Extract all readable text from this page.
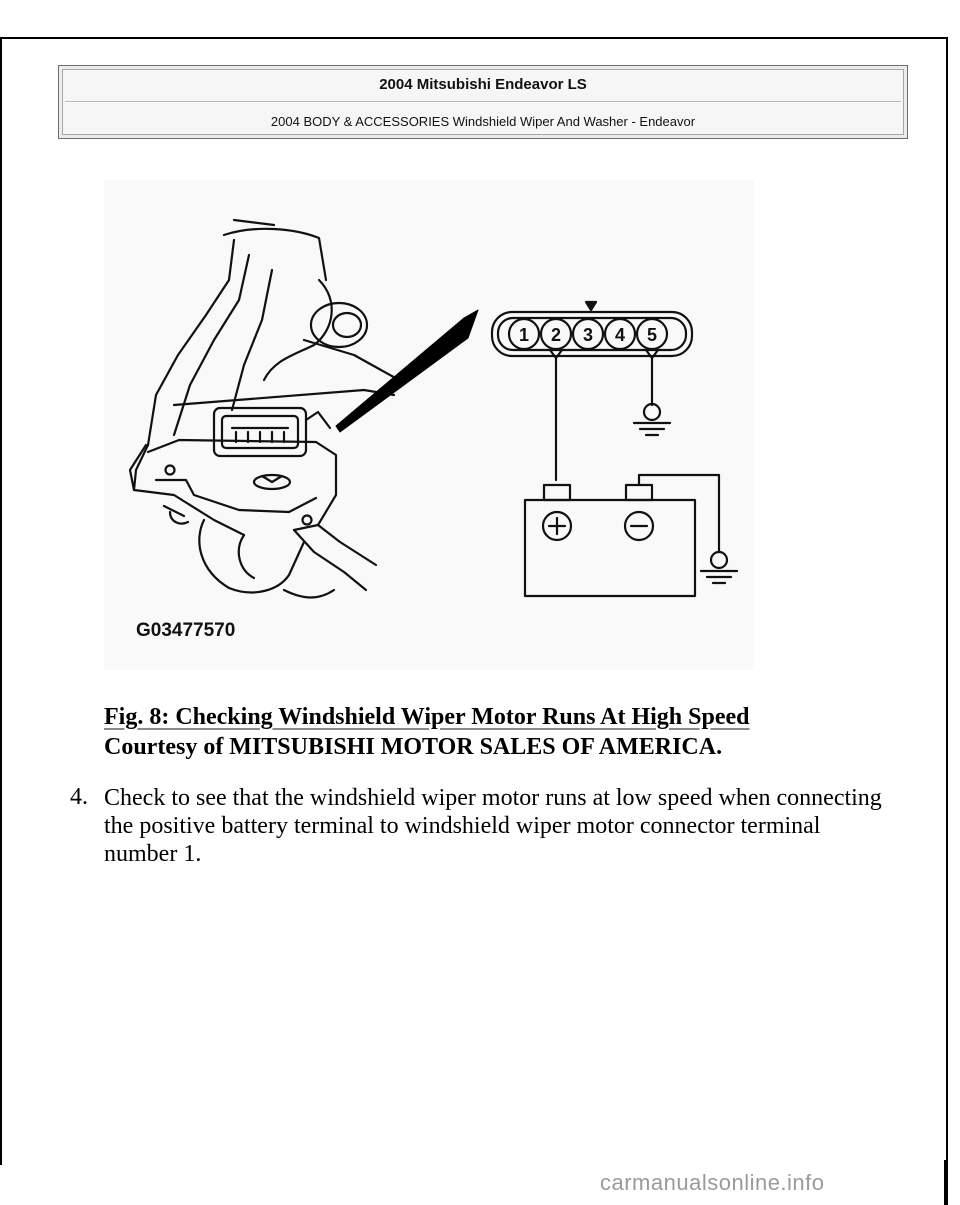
2004 Mitsubishi Endeavor LS
2004 BODY & ACCESSORIES Windshield Wiper And Washer - Endeavor
1 2 3 4 5
G03477570
Fig. 8: Checking Windshield Wiper Motor Runs At High Speed
Courtesy of MITSUBISHI MOTOR SALES OF AMERICA.
4. Check to see that the windshield wiper motor runs at low speed when connecting the positive battery terminal to windshield wiper motor connector terminal number 1.
carmanualsonline.info
